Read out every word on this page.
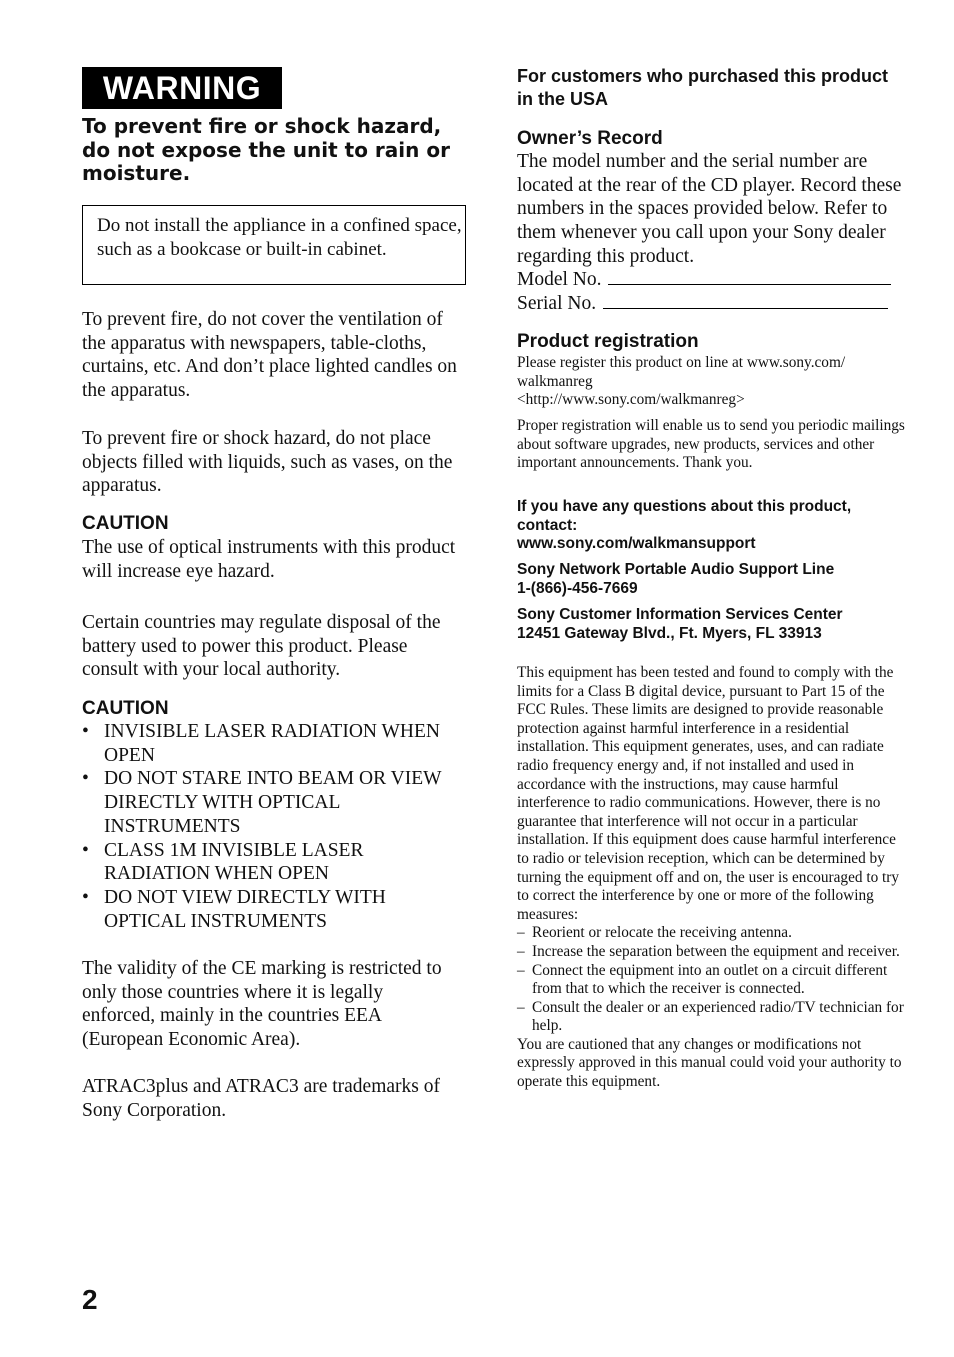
WARNING
To prevent fire or shock hazard, do not expose the unit to rain or moisture.

Do not install the appliance in a confined space, such as a bookcase or built-in cabinet.

To prevent fire, do not cover the ventilation of the apparatus with newspapers, table-cloths, curtains, etc. And don’t place lighted candles on the apparatus.

To prevent fire or shock hazard, do not place objects filled with liquids, such as vases, on the apparatus.

CAUTION

The use of optical instruments with this product will increase eye hazard.

Certain countries may regulate disposal of the battery used to power this product. Please consult with your local authority.

CAUTION
• INVISIBLE LASER RADIATION WHEN OPEN
• DO NOT STARE INTO BEAM OR VIEW DIRECTLY WITH OPTICAL INSTRUMENTS
• CLASS 1M INVISIBLE LASER RADIATION WHEN OPEN
• DO NOT VIEW DIRECTLY WITH OPTICAL INSTRUMENTS

The validity of the CE marking is restricted to only those countries where it is legally enforced, mainly in the countries EEA (European Economic Area).

ATRAC3plus and ATRAC3 are trademarks of Sony Corporation.

For customers who purchased this product in the USA
Owner’s Record

The model number and the serial number are located at the rear of the CD player. Record these numbers in the spaces provided below. Refer to them whenever you call upon your Sony dealer regarding this product.

Model No.
Serial No.
Product registration
Please register this product on line at www.sony.com/
walkmanreg
<http://www.sony.com/walkmanreg>

Proper registration will enable us to send you periodic mailings about software upgrades, new products, services and other important announcements. Thank you.

If you have any questions about this product,
contact:
www.sony.com/walkmansupport
Sony Network Portable Audio Support Line
1-(866)-456-7669
Sony Customer Information Services Center
12451 Gateway Blvd., Ft. Myers, FL 33913

This equipment has been tested and found to comply with the limits for a Class B digital device, pursuant to Part 15 of the FCC Rules. These limits are designed to provide reasonable protection against harmful interference in a residential installation. This equipment generates, uses, and can radiate radio frequency energy and, if not installed and used in accordance with the instructions, may cause harmful interference to radio communications. However, there is no guarantee that interference will not occur in a particular installation. If this equipment does cause harmful interference to radio or television reception, which can be determined by turning the equipment off and on, the user is encouraged to try to correct the interference by one or more of the following measures:

– Reorient or relocate the receiving antenna.
– Increase the separation between the equipment and receiver.
– Connect the equipment into an outlet on a circuit different from that to which the receiver is connected.
– Consult the dealer or an experienced radio/TV technician for help.

You are cautioned that any changes or modifications not expressly approved in this manual could void your authority to operate this equipment.

2
